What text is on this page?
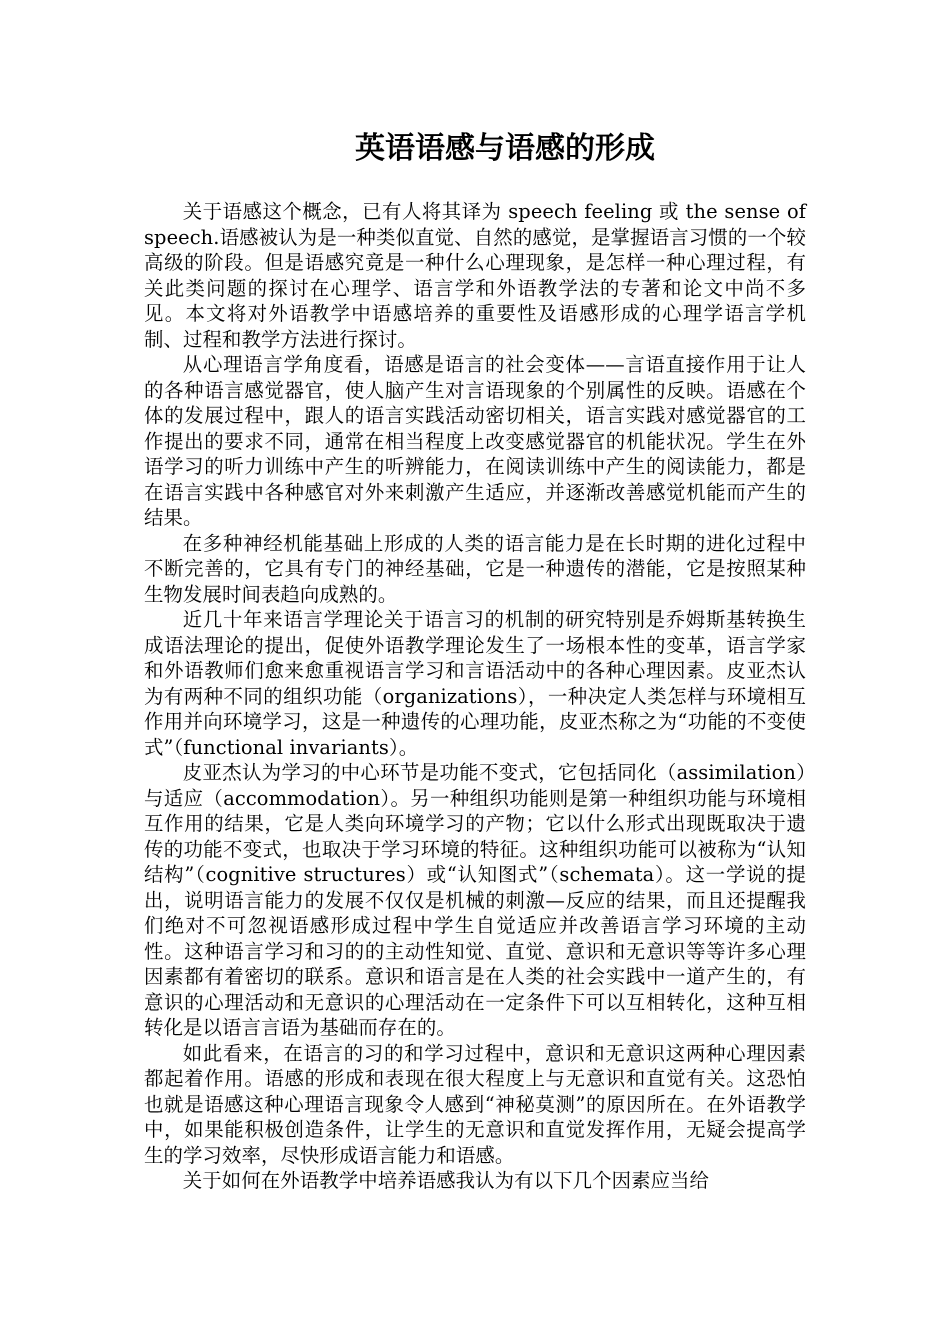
英语语感与语感的形成

关于语感这个概念，已有人将其译为 speech feeling 或 the sense of speech.语感被认为是一种类似直觉、自然的感觉，是掌握语言习惯的一个较高级的阶段。但是语感究竟是一种什么心理现象，是怎样一种心理过程，有关此类问题的探讨在心理学、语言学和外语教学法的专著和论文中尚不多见。本文将对外语教学中语感培养的重要性及语感形成的心理学语言学机制、过程和教学方法进行探讨。

从心理语言学角度看，语感是语言的社会变体——言语直接作用于让人的各种语言感觉器官，使人脑产生对言语现象的个别属性的反映。语感在个体的发展过程中，跟人的语言实践活动密切相关，语言实践对感觉器官的工作提出的要求不同，通常在相当程度上改变感觉器官的机能状况。学生在外语学习的听力训练中产生的听辨能力，在阅读训练中产生的阅读能力，都是在语言实践中各种感官对外来刺激产生适应，并逐渐改善感觉机能而产生的结果。

在多种神经机能基础上形成的人类的语言能力是在长时期的进化过程中不断完善的，它具有专门的神经基础，它是一种遗传的潜能，它是按照某种生物发展时间表趋向成熟的。

近几十年来语言学理论关于语言习的机制的研究特别是乔姆斯基转换生成语法理论的提出，促使外语教学理论发生了一场根本性的变革，语言学家和外语教师们愈来愈重视语言学习和言语活动中的各种心理因素。皮亚杰认为有两种不同的组织功能（organizations），一种决定人类怎样与环境相互作用并向环境学习，这是一种遗传的心理功能，皮亚杰称之为“功能的不变使式”（functional invariants）。

皮亚杰认为学习的中心环节是功能不变式，它包括同化（assimilation）与适应（accommodation）。另一种组织功能则是第一种组织功能与环境相互作用的结果，它是人类向环境学习的产物；它以什么形式出现既取决于遗传的功能不变式，也取决于学习环境的特征。这种组织功能可以被称为“认知结构”（cognitive structures）或“认知图式”（schemata）。这一学说的提出，说明语言能力的发展不仅仅是机械的刺激—反应的结果，而且还提醒我们绝对不可忽视语感形成过程中学生自觉适应并改善语言学习环境的主动性。这种语言学习和习的的主动性知觉、直觉、意识和无意识等等许多心理因素都有着密切的联系。意识和语言是在人类的社会实践中一道产生的，有意识的心理活动和无意识的心理活动在一定条件下可以互相转化，这种互相转化是以语言言语为基础而存在的。

如此看来，在语言的习的和学习过程中，意识和无意识这两种心理因素都起着作用。语感的形成和表现在很大程度上与无意识和直觉有关。这恐怕也就是语感这种心理语言现象令人感到“神秘莫测”的原因所在。在外语教学中，如果能积极创造条件，让学生的无意识和直觉发挥作用，无疑会提高学生的学习效率，尽快形成语言能力和语感。

关于如何在外语教学中培养语感我认为有以下几个因素应当给
